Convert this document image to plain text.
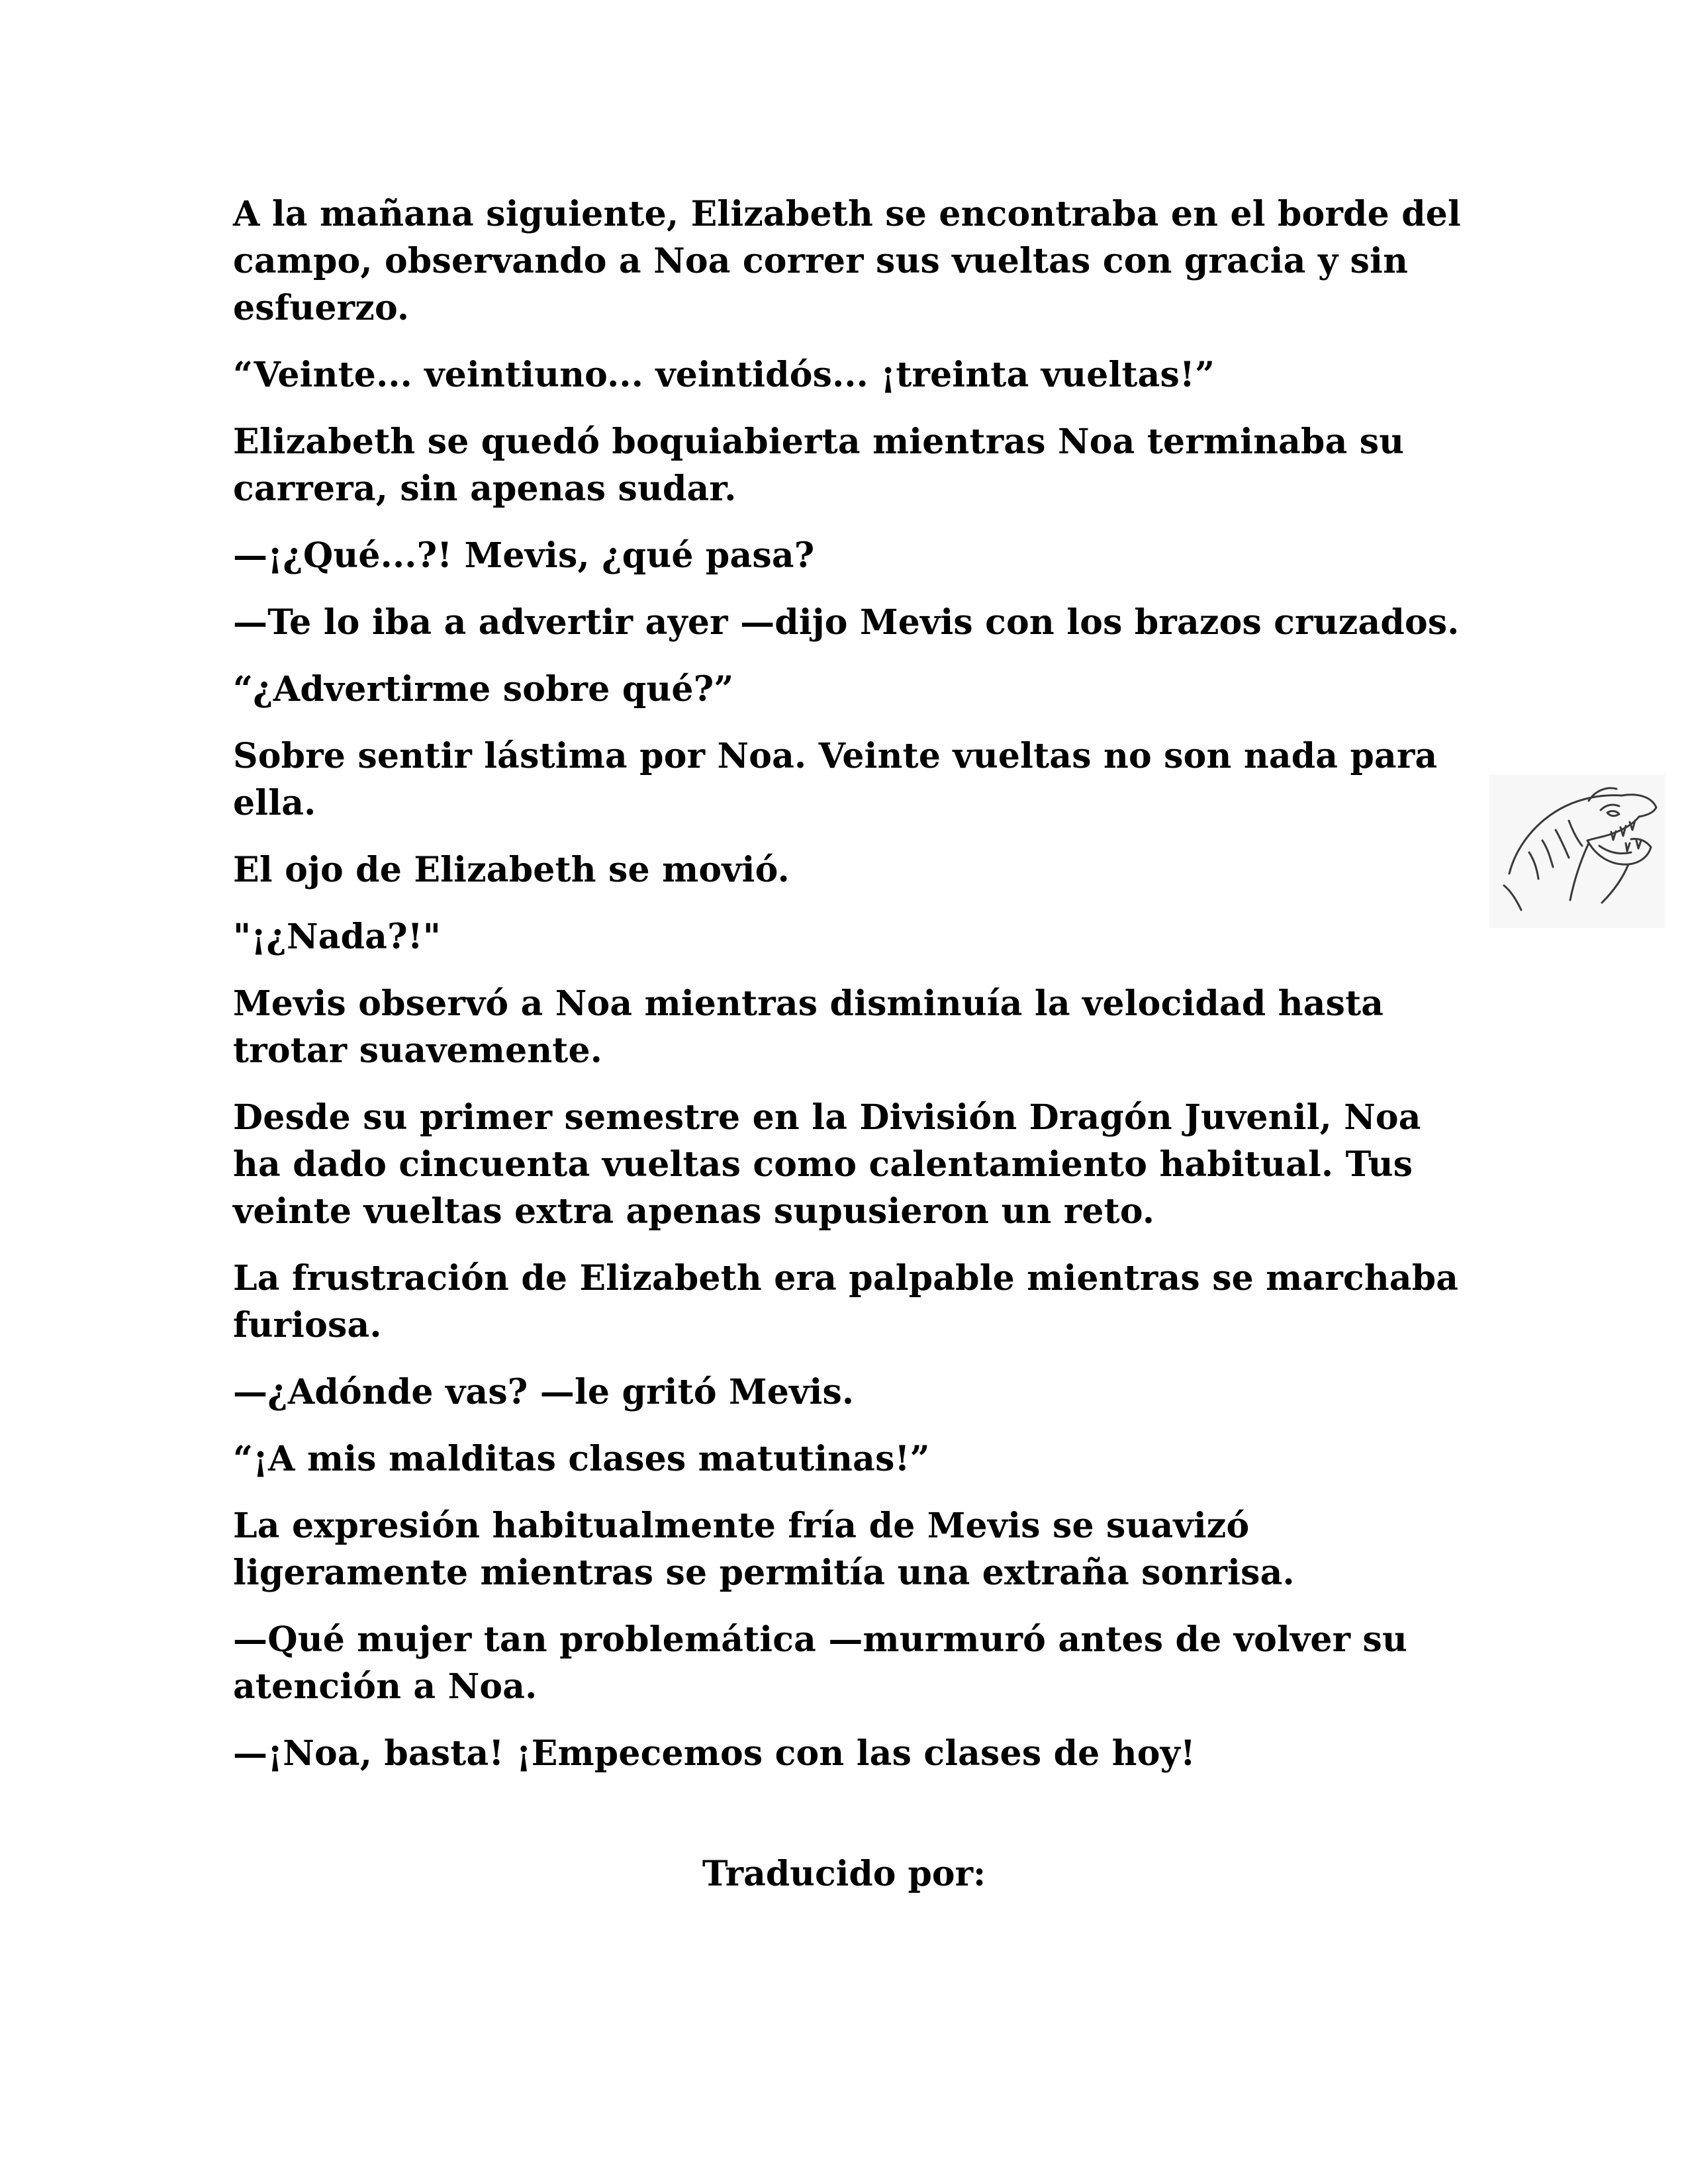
A la mañana siguiente, Elizabeth se encontraba en el borde del campo, observando a Noa correr sus vueltas con gracia y sin esfuerzo.

“Veinte... veintiuno... veintidós... ¡treinta vueltas!”

Elizabeth se quedó boquiabierta mientras Noa terminaba su carrera, sin apenas sudar.

—¡¿Qué...?! Mevis, ¿qué pasa?

—Te lo iba a advertir ayer —dijo Mevis con los brazos cruzados.

“¿Advertirme sobre qué?”

Sobre sentir lástima por Noa. Veinte vueltas no son nada para ella.

El ojo de Elizabeth se movió.

"¡¿Nada?!"

Mevis observó a Noa mientras disminuía la velocidad hasta trotar suavemente.

Desde su primer semestre en la División Dragón Juvenil, Noa ha dado cincuenta vueltas como calentamiento habitual. Tus veinte vueltas extra apenas supusieron un reto.

La frustración de Elizabeth era palpable mientras se marchaba furiosa.

—¿Adónde vas? —le gritó Mevis.

“¡A mis malditas clases matutinas!”

La expresión habitualmente fría de Mevis se suavizó ligeramente mientras se permitía una extraña sonrisa.

—Qué mujer tan problemática —murmuró antes de volver su atención a Noa.

—¡Noa, basta! ¡Empecemos con las clases de hoy!

Traducido por:
